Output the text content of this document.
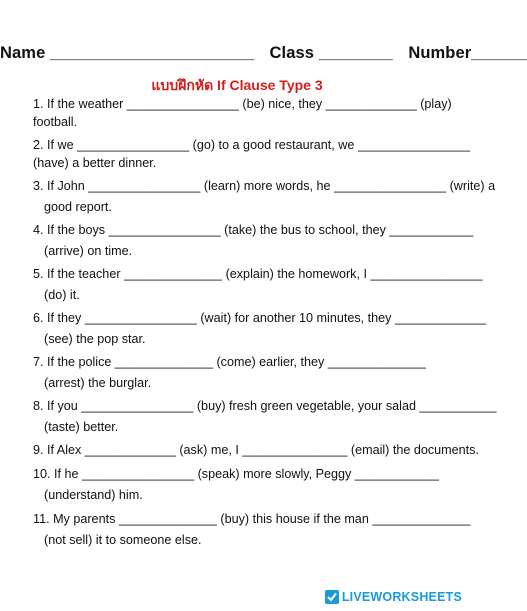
Name ______________________ Class ________ Number______
แบบฝึกหัด If Clause Type 3
1. If the weather ________________ (be) nice, they _____________ (play)
football.
2. If we ________________ (go) to a good restaurant, we ________________
(have) a better dinner.
3. If John ________________ (learn) more words, he ________________ (write) a
good report.
4. If the boys ________________ (take) the bus to school, they ____________
(arrive) on time.
5. If the teacher ______________ (explain) the homework, I ________________
(do) it.
6. If they ________________ (wait) for another 10 minutes, they _____________
(see) the pop star.
7. If the police ______________ (come) earlier, they ______________
(arrest) the burglar.
8. If you ________________ (buy) fresh green vegetable, your salad ___________
(taste) better.
9. If Alex _____________ (ask) me, I _______________ (email) the documents.
10. If he ________________ (speak) more slowly, Peggy ____________
(understand) him.
11. My parents ______________ (buy) this house if the man ______________
(not sell) it to someone else.
LIVEWORKSHEETS
